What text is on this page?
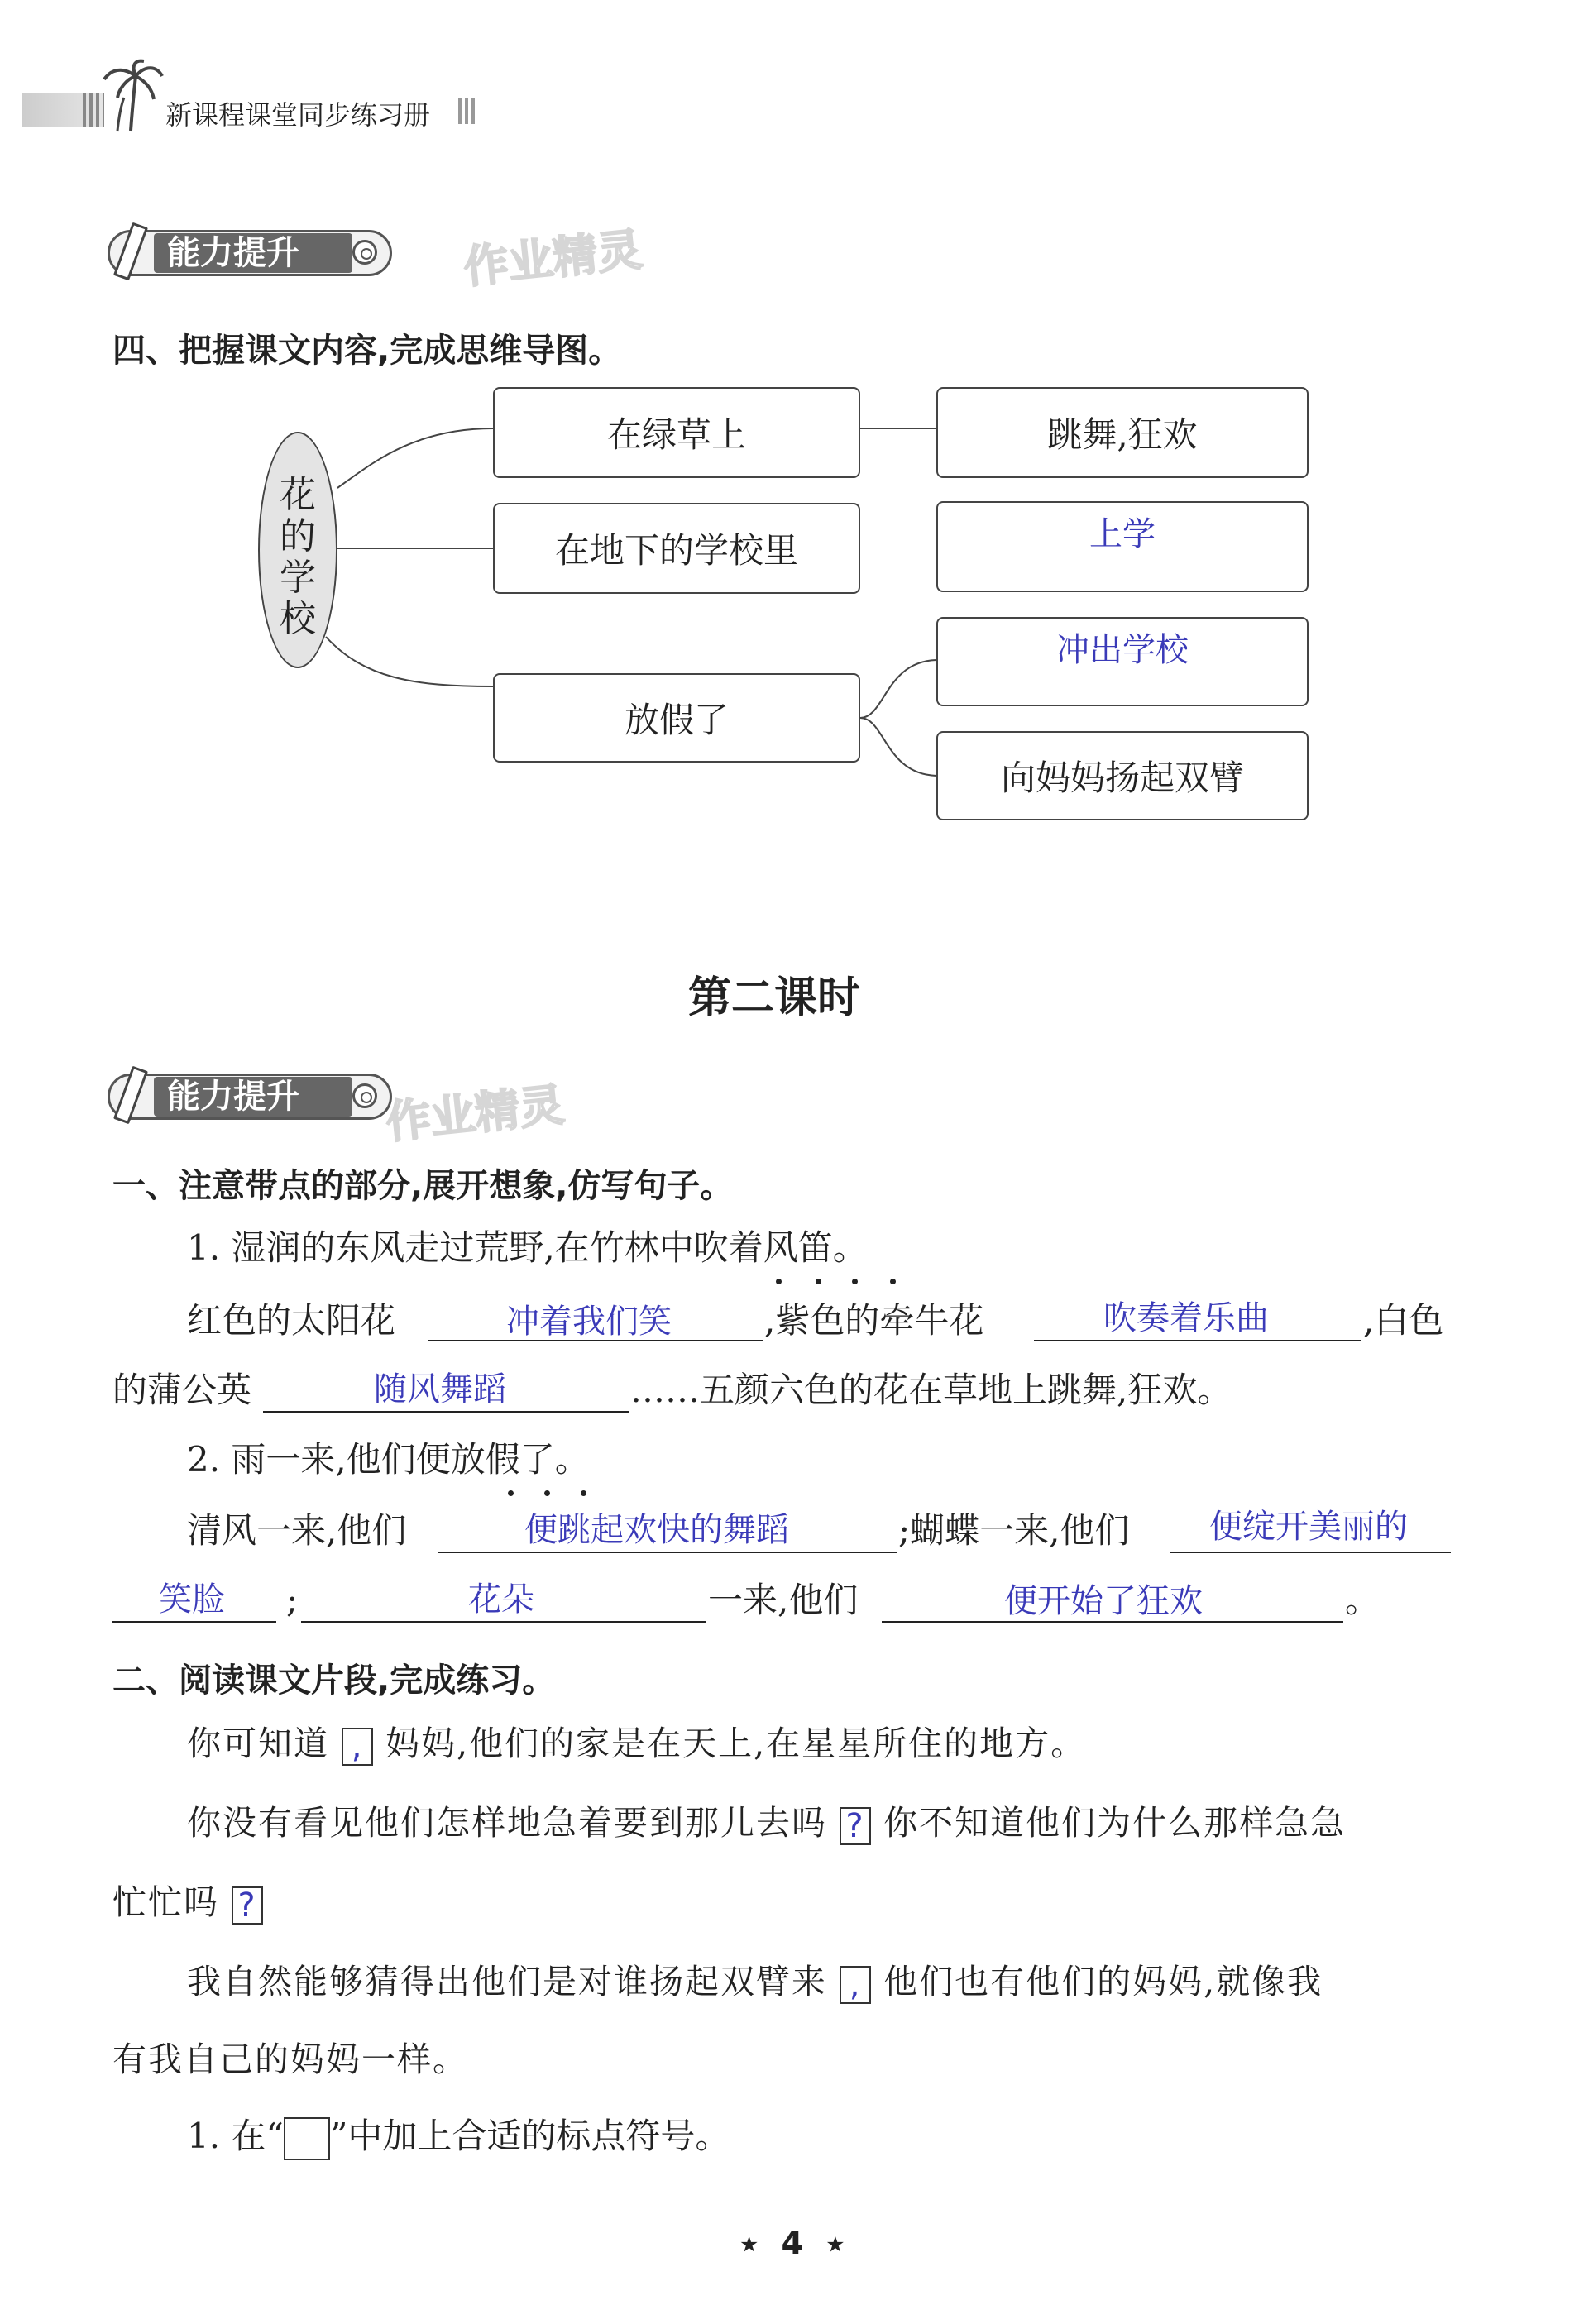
新课程课堂同步练习册
能力提升	作业精灵
四、把握课文内容,完成思维导图。
花
的
学
校
在绿草上	跳舞,狂欢
在地下的学校里	上学
冲出学校
放假了
向妈妈扬起双臂
第二课时
能力提升 作业精灵
一、注意带点的部分,展开想象,仿写句子。
1. 湿润的东风走过荒野,在竹林中吹着风笛。
红色的太阳花	冲着我们笑	,紫色的牵牛花	吹奏着乐曲	,白色
的蒲公英	随风舞蹈	……五颜六色的花在草地上跳舞,狂欢。
2. 雨一来,他们便放假了。
清风一来,他们	便跳起欢快的舞蹈	;蝴蝶一来,他们 便绽开美丽的
笑脸 ;	花朵	一来,他们	便开始了狂欢	。
二、阅读课文片段,完成练习。
你可知道 , 妈妈,他们的家是在天上,在星星所住的地方。
你没有看见他们怎样地急着要到那儿去吗 ? 你不知道他们为什么那样急急
忙忙吗 ?
我自然能够猜得出他们是对谁扬起双臂来 , 他们也有他们的妈妈,就像我
有我自己的妈妈一样。
1. 在“ ”中加上合适的标点符号。
★ 4 ★
